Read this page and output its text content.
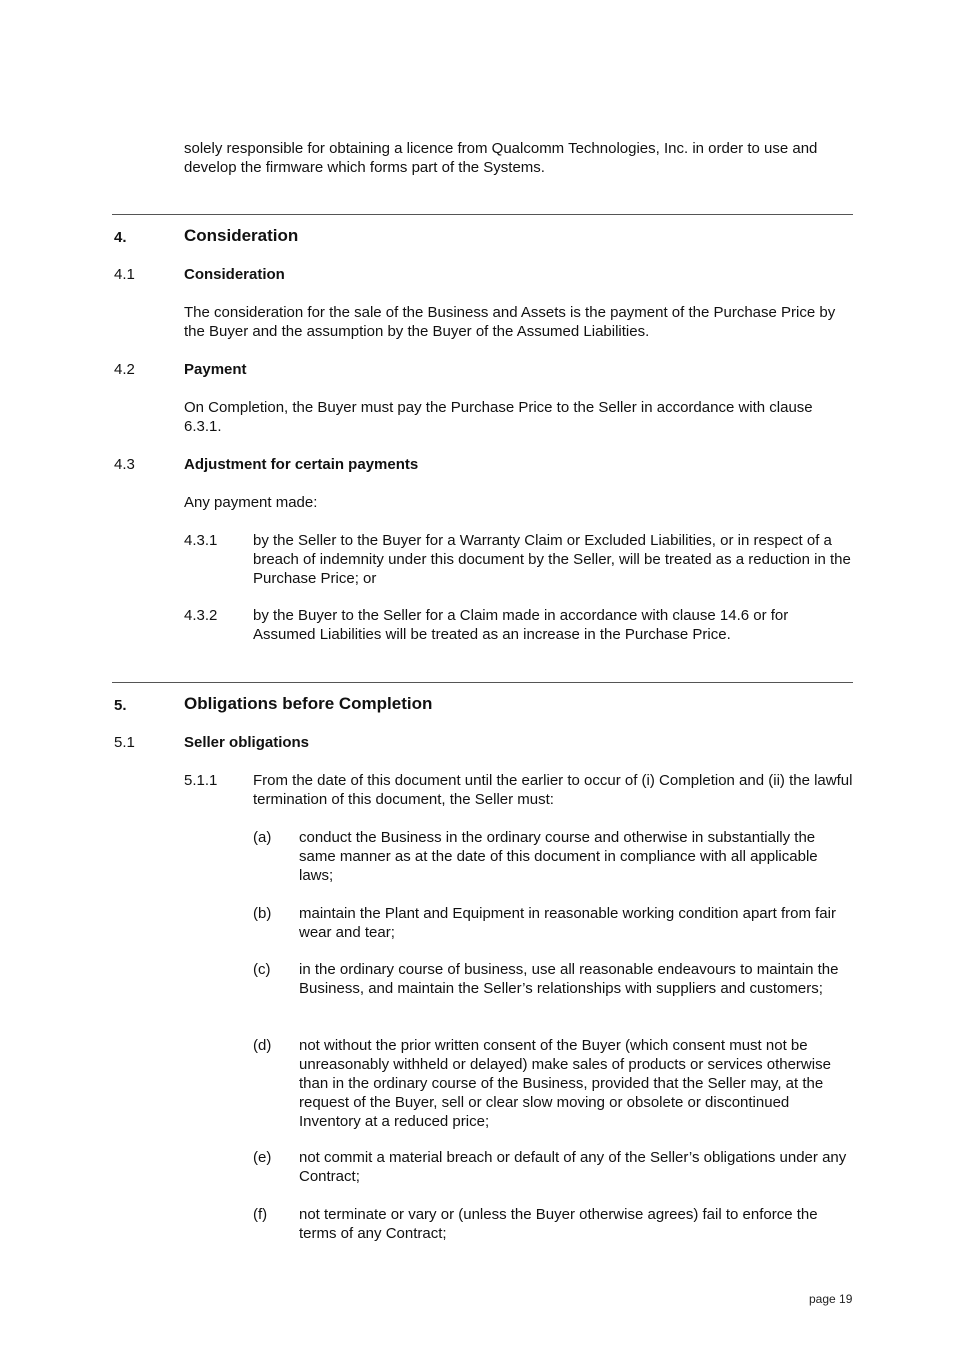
solely responsible for obtaining a licence from Qualcomm Technologies, Inc. in order to use and develop the firmware which forms part of the Systems.
4.	Consideration
4.1	Consideration
The consideration for the sale of the Business and Assets is the payment of the Purchase Price by the Buyer and the assumption by the Buyer of the Assumed Liabilities.
4.2	Payment
On Completion, the Buyer must pay the Purchase Price to the Seller in accordance with clause 6.3.1.
4.3	Adjustment for certain payments
Any payment made:
4.3.1 by the Seller to the Buyer for a Warranty Claim or Excluded Liabilities, or in respect of a breach of indemnity under this document by the Seller, will be treated as a reduction in the Purchase Price; or
4.3.2 by the Buyer to the Seller for a Claim made in accordance with clause 14.6 or for Assumed Liabilities will be treated as an increase in the Purchase Price.
5.	Obligations before Completion
5.1	Seller obligations
5.1.1 From the date of this document until the earlier to occur of (i) Completion and (ii) the lawful termination of this document, the Seller must:
(a) conduct the Business in the ordinary course and otherwise in substantially the same manner as at the date of this document in compliance with all applicable laws;
(b) maintain the Plant and Equipment in reasonable working condition apart from fair wear and tear;
(c) in the ordinary course of business, use all reasonable endeavours to maintain the Business, and maintain the Seller’s relationships with suppliers and customers;
(d) not without the prior written consent of the Buyer (which consent must not be unreasonably withheld or delayed) make sales of products or services otherwise than in the ordinary course of the Business, provided that the Seller may, at the request of the Buyer, sell or clear slow moving or obsolete or discontinued Inventory at a reduced price;
(e) not commit a material breach or default of any of the Seller’s obligations under any Contract;
(f) not terminate or vary or (unless the Buyer otherwise agrees) fail to enforce the terms of any Contract;
page 19
